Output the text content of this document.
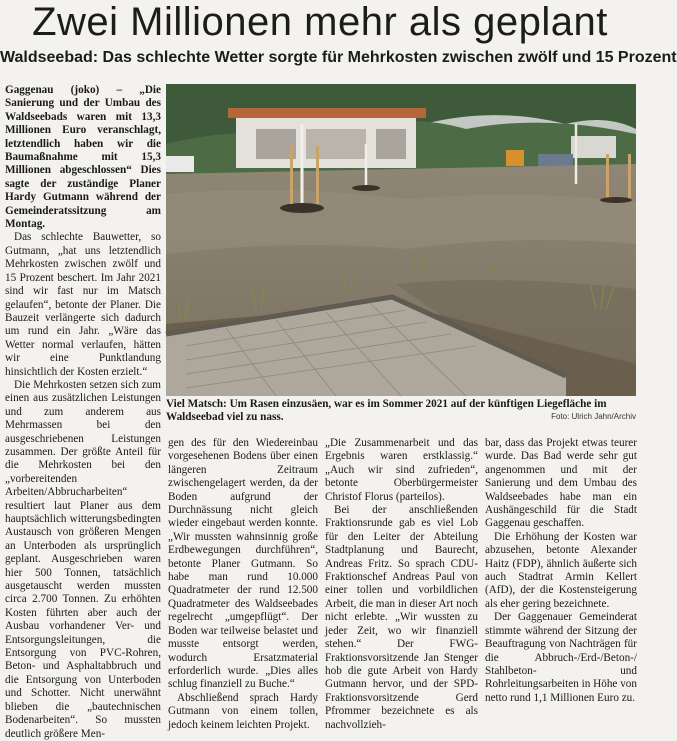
Zwei Millionen mehr als geplant
Waldseebad: Das schlechte Wetter sorgte für Mehrkosten zwischen zwölf und 15 Prozent

Gaggenau (joko) – „Die Sanierung und der Umbau des Waldseebads waren mit 13,3 Millionen Euro veranschlagt, letztendlich haben wir die Baumaßnahme mit 15,3 Millionen abgeschlossen“ Dies sagte der zuständige Planer Hardy Gutmann während der Gemeinderatssitzung am Montag.

Das schlechte Bauwetter, so Gutmann, „hat uns letztendlich Mehrkosten zwischen zwölf und 15 Prozent beschert. Im Jahr 2021 sind wir fast nur im Matsch gelaufen“, betonte der Planer. Die Bauzeit verlängerte sich dadurch um rund ein Jahr. „Wäre das Wetter normal verlaufen, hätten wir eine Punktlandung hinsichtlich der Kosten erzielt.“

Die Mehrkosten setzen sich zum einen aus zusätzlichen Leistungen und zum anderem aus Mehrmassen bei den ausgeschriebenen Leistungen zusammen. Der größte Anteil für die Mehrkosten bei den „vorbereitenden Arbeiten/Abbrucharbeiten“ resultiert laut Planer aus dem hauptsächlich witterungsbedingten Austausch von größeren Mengen an Unterboden als ursprünglich geplant. Ausgeschrieben waren hier 500 Tonnen, tatsächlich ausgetauscht werden mussten circa 2.700 Tonnen. Zu erhöhten Kosten führten aber auch der Ausbau vorhandener Ver- und Entsorgungsleitungen, die Entsorgung von PVC-Rohren, Beton- und Asphaltabbruch und die Entsorgung von Unterboden und Schotter. Nicht unerwähnt blieben die „bautechnischen Bodenarbeiten“. So mussten deutlich größere Men-

Viel Matsch: Um Rasen einzusäen, war es im Sommer 2021 auf der künftigen Liegefläche im Waldseebad viel zu nass.	Foto: Ulrich Jahn/Archiv

gen des für den Wiedereinbau vorgesehenen Bodens über einen längeren Zeitraum zwischengelagert werden, da der Boden aufgrund der Durchnässung nicht gleich wieder eingebaut werden konnte. „Wir mussten wahnsinnig große Erdbewegungen durchführen“, betonte Planer Gutmann. So habe man rund 10.000 Quadratmeter der rund 12.500 Quadratmeter des Waldseebades regelrecht „umgepflügt“. Der Boden war teilweise belastet und musste entsorgt werden, wodurch Ersatzmaterial erforderlich wurde. „Dies alles schlug finanziell zu Buche.“

Abschließend sprach Hardy Gutmann von einem tollen, jedoch keinem leichten Projekt.

„Die Zusammenarbeit und das Ergebnis waren erstklassig.“ „Auch wir sind zufrieden“, betonte Oberbürgermeister Christof Florus (parteilos).

Bei der anschließenden Fraktionsrunde gab es viel Lob für den Leiter der Abteilung Stadtplanung und Baurecht, Andreas Fritz. So sprach CDU-Fraktionschef Andreas Paul von einer tollen und vorbildlichen Arbeit, die man in dieser Art noch nicht erlebte. „Wir wussten zu jeder Zeit, wo wir finanziell stehen.“ Der FWG-Fraktionsvorsitzende Jan Stenger hob die gute Arbeit von Hardy Gutmann hervor, und der SPD-Fraktionsvorsitzende Gerd Pfrommer bezeichnete es als nachvollzieh-

bar, dass das Projekt etwas teurer wurde. Das Bad werde sehr gut angenommen und mit der Sanierung und dem Umbau des Waldseebades habe man ein Aushängeschild für die Stadt Gaggenau geschaffen.

Die Erhöhung der Kosten war abzusehen, betonte Alexander Haitz (FDP), ähnlich äußerte sich auch Stadtrat Armin Kellert (AfD), der die Kostensteigerung als eher gering bezeichnete.

Der Gaggenauer Gemeinderat stimmte während der Sitzung der Beauftragung von Nachträgen für die Abbruch-/Erd-/Beton-/ Stahlbeton- und Rohrleitungsarbeiten in Höhe von netto rund 1,1 Millionen Euro zu.
